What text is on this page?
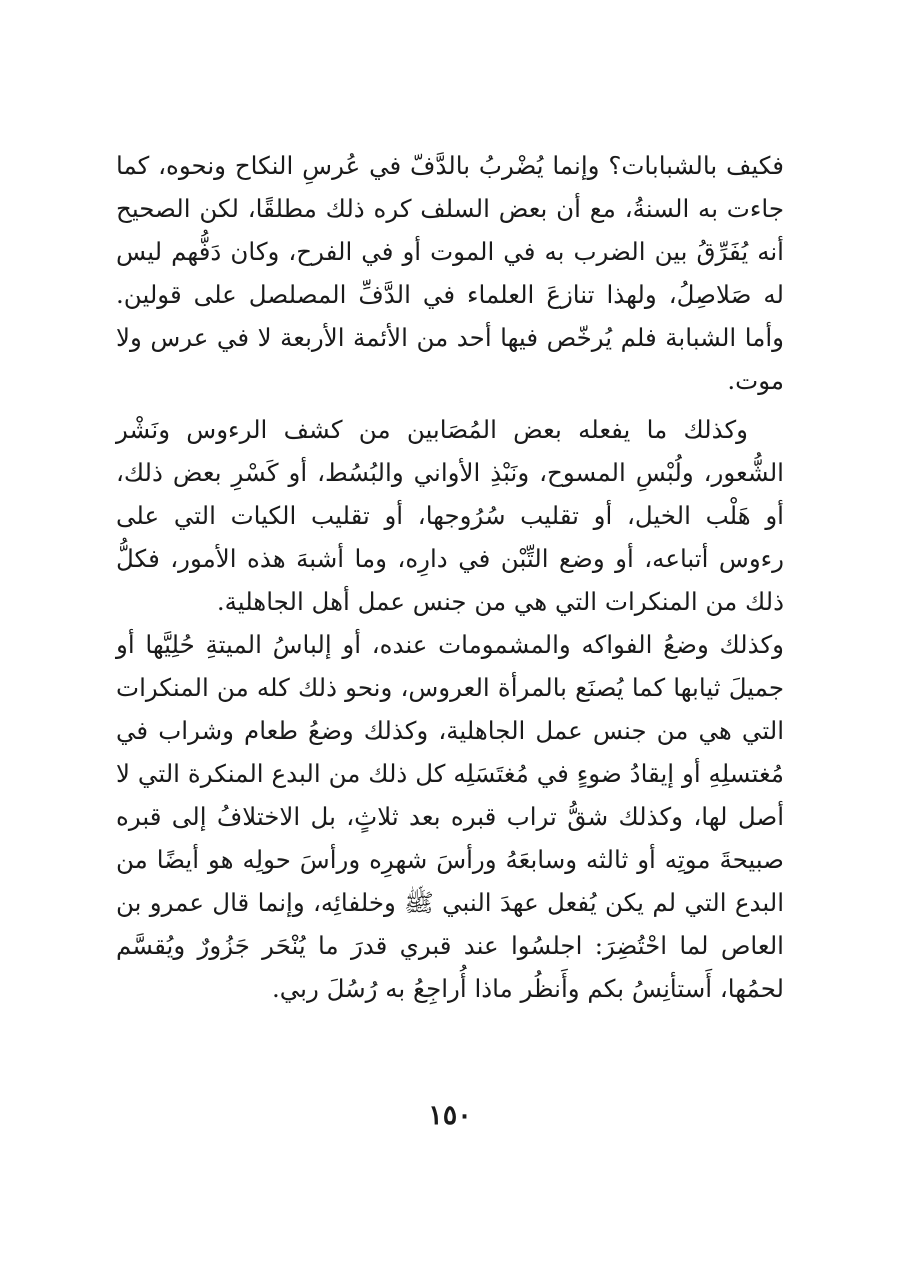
فكيف بالشبابات؟ وإنما يُضْربُ بالدَّفّ في عُرسِ النكاح ونحوه، كما جاءت به السنةُ، مع أن بعض السلف كره ذلك مطلقًا، لكن الصحيح أنه يُفَرِّقُ بين الضرب به في الموت أو في الفرح، وكان دَفُّهم ليس له صَلاصِلُ، ولهذا تنازعَ العلماء في الدَّفِّ المصلصل على قولين. وأما الشبابة فلم يُرخّص فيها أحد من الأئمة الأربعة لا في عرس ولا موت.

وكذلك ما يفعله بعض المُصَابين من كشف الرءوس ونَشْر الشُّعور، ولُبْسِ المسوح، ونَبْذِ الأواني والبُسُط، أو كَسْرِ بعض ذلك، أو هَلْب الخيل، أو تقليب سُرُوجها، أو تقليب الكيات التي على رءوس أتباعه، أو وضع التِّبْن في دارِه، وما أشبهَ هذه الأمور، فكلُّ ذلك من المنكرات التي هي من جنس عمل أهل الجاهلية.

وكذلك وضعُ الفواكه والمشمومات عنده، أو إلباسُ الميتةِ حُلِيَّها أو جميلَ ثيابها كما يُصنَع بالمرأة العروس، ونحو ذلك كله من المنكرات التي هي من جنس عمل الجاهلية، وكذلك وضعُ طعام وشراب في مُغتسلِهِ أو إيقادُ ضوءٍ في مُغتَسَلِه كل ذلك من البدع المنكرة التي لا أصل لها، وكذلك شقُّ تراب قبره بعد ثلاثٍ، بل الاختلافُ إلى قبره صبيحةَ موتِه أو ثالثه وسابعَهُ ورأسَ شهرِه ورأسَ حولِه هو أيضًا من البدع التي لم يكن يُفعل عهدَ النبي ﷺ وخلفائِه، وإنما قال عمرو بن العاص لما احْتُضِرَ: اجلسُوا عند قبري قدرَ ما يُنْحَر جَزُورٌ ويُقسَّم لحمُها، أَستأنِسُ بكم وأَنظُر ماذا أُراجِعُ به رُسُلَ ربي.

١٥٠
